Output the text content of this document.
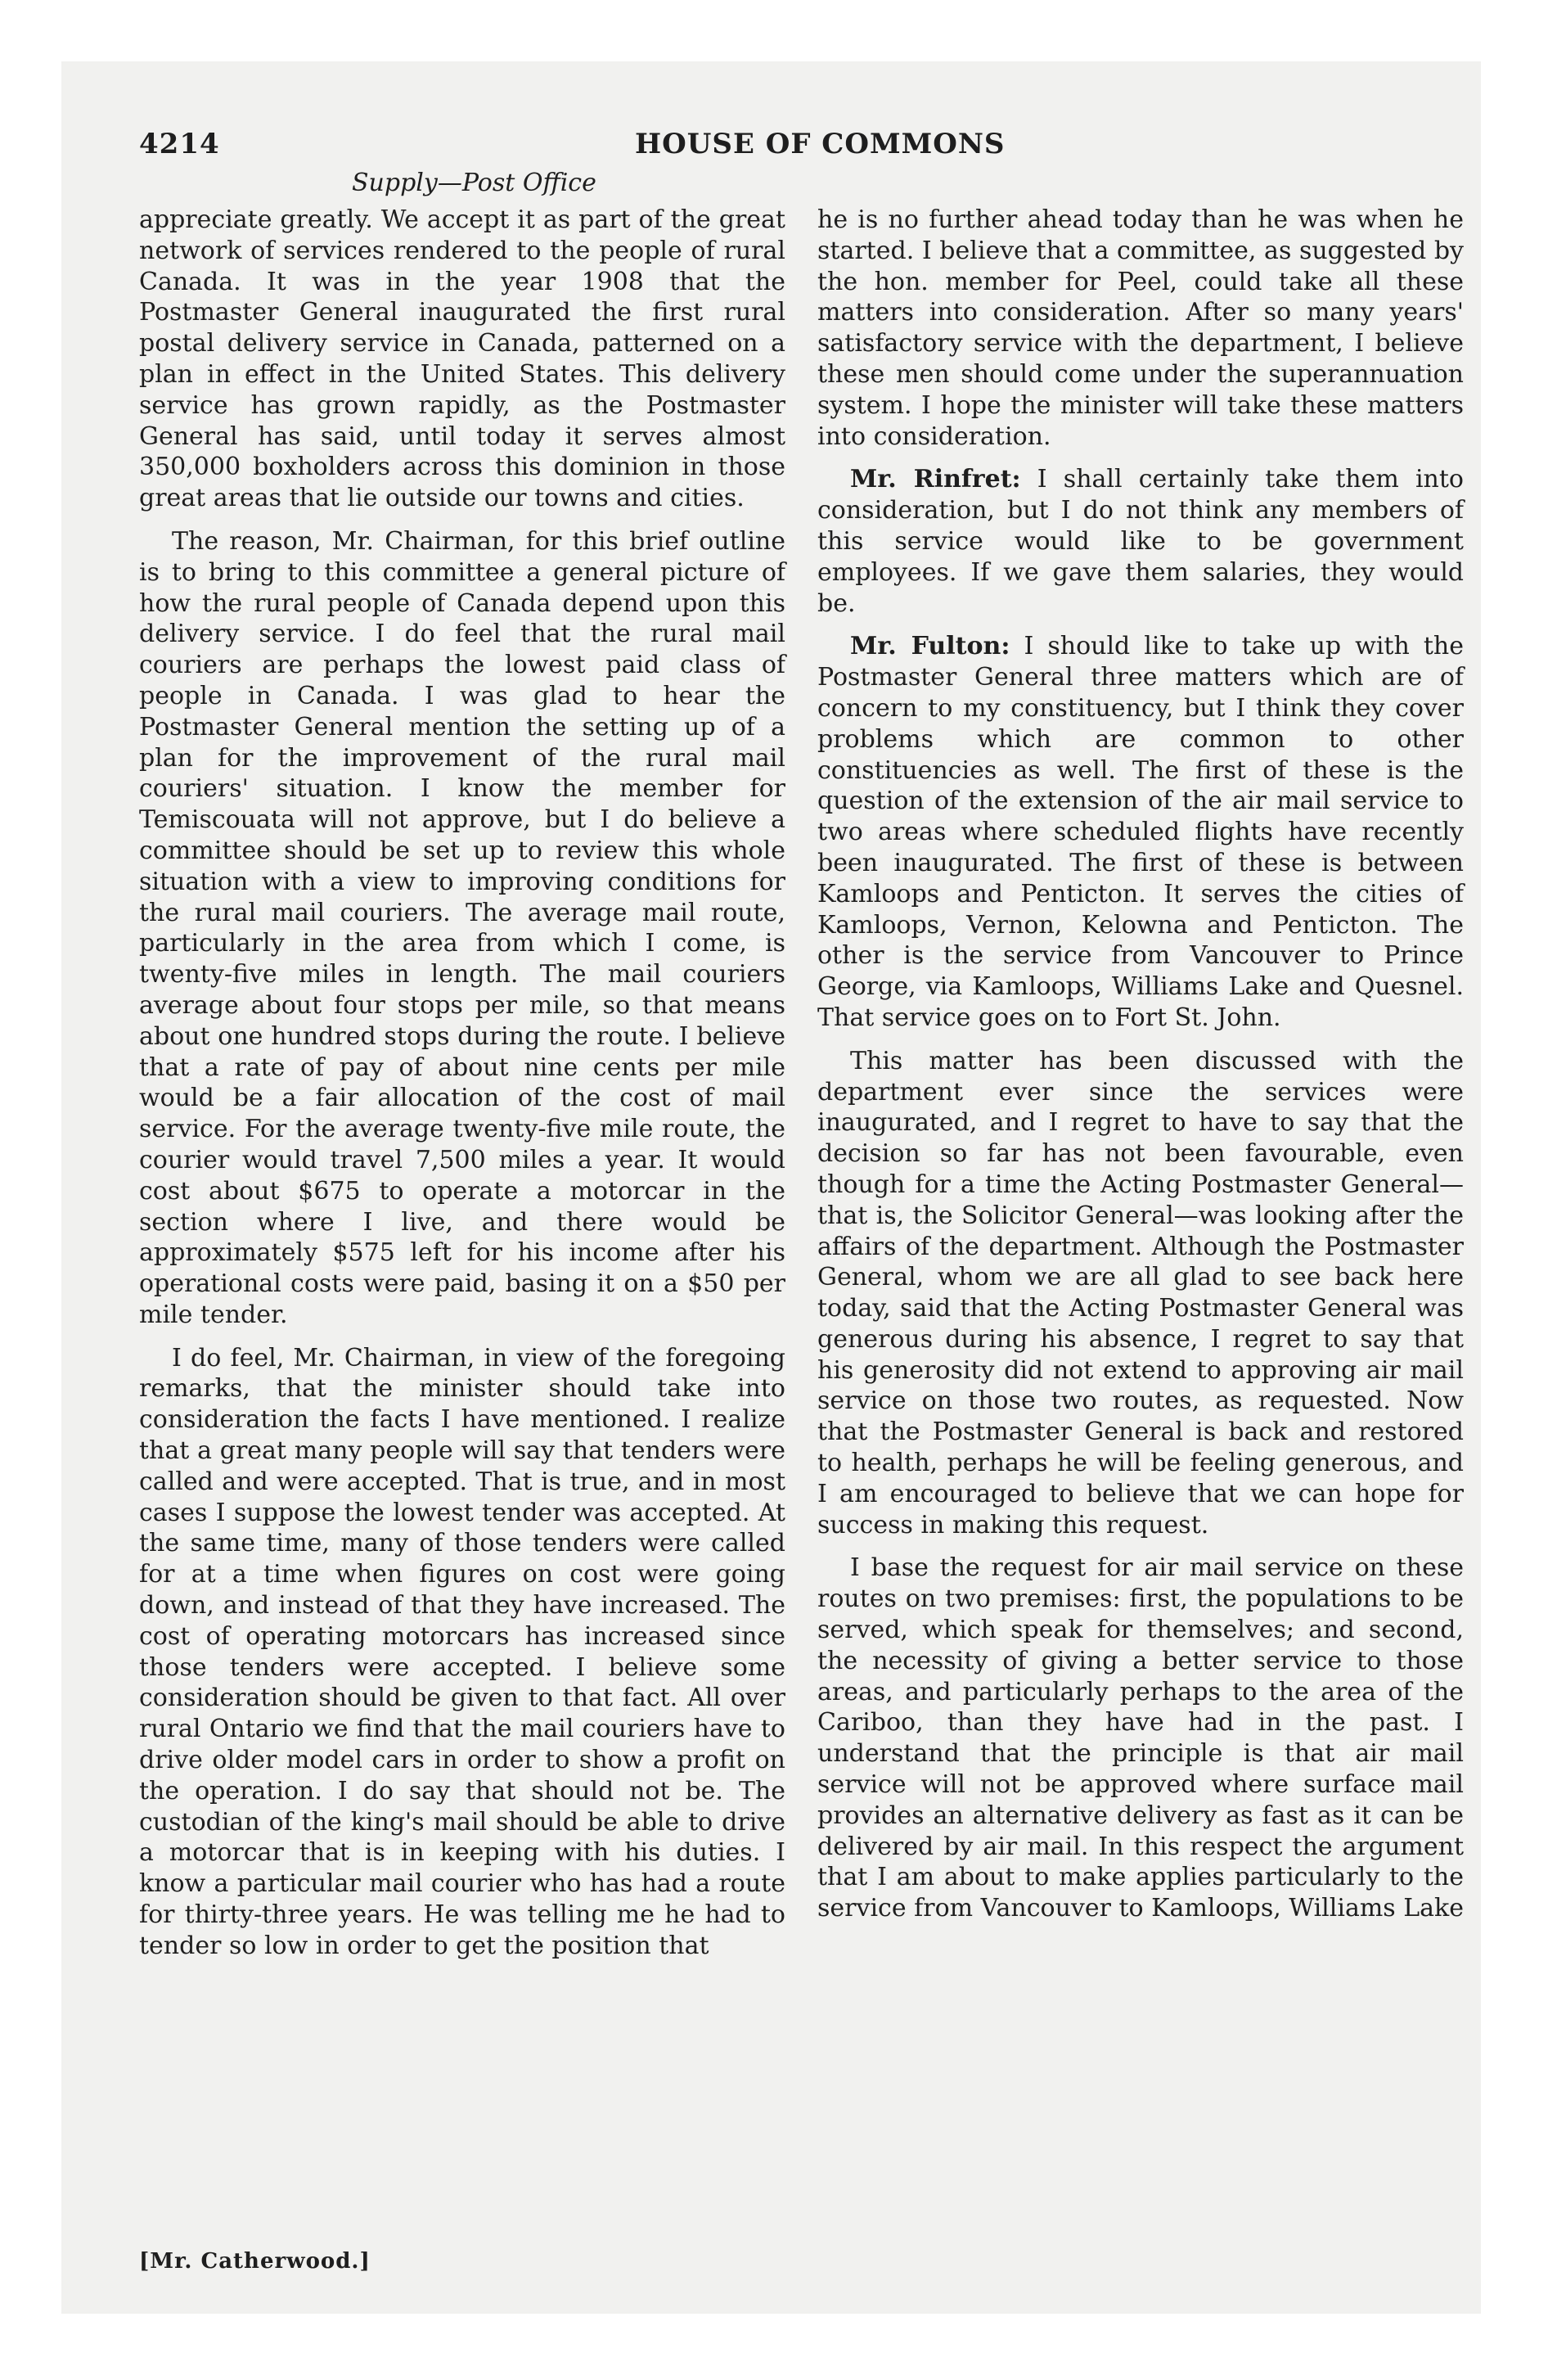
4214	HOUSE OF COMMONS
Supply—Post Office

appreciate greatly. We accept it as part of the great network of services rendered to the people of rural Canada. It was in the year 1908 that the Postmaster General inaugurated the first rural postal delivery service in Canada, patterned on a plan in effect in the United States. This delivery service has grown rapidly, as the Postmaster General has said, until today it serves almost 350,000 boxholders across this dominion in those great areas that lie outside our towns and cities.

The reason, Mr. Chairman, for this brief outline is to bring to this committee a general picture of how the rural people of Canada depend upon this delivery service. I do feel that the rural mail couriers are perhaps the lowest paid class of people in Canada. I was glad to hear the Postmaster General mention the setting up of a plan for the improvement of the rural mail couriers' situation. I know the member for Temiscouata will not approve, but I do believe a committee should be set up to review this whole situation with a view to improving conditions for the rural mail couriers. The average mail route, particularly in the area from which I come, is twenty-five miles in length. The mail couriers average about four stops per mile, so that means about one hundred stops during the route. I believe that a rate of pay of about nine cents per mile would be a fair allocation of the cost of mail service. For the average twenty-five mile route, the courier would travel 7,500 miles a year. It would cost about $675 to operate a motorcar in the section where I live, and there would be approximately $575 left for his income after his operational costs were paid, basing it on a $50 per mile tender.

I do feel, Mr. Chairman, in view of the foregoing remarks, that the minister should take into consideration the facts I have mentioned. I realize that a great many people will say that tenders were called and were accepted. That is true, and in most cases I suppose the lowest tender was accepted. At the same time, many of those tenders were called for at a time when figures on cost were going down, and instead of that they have increased. The cost of operating motorcars has increased since those tenders were accepted. I believe some consideration should be given to that fact. All over rural Ontario we find that the mail couriers have to drive older model cars in order to show a profit on the operation. I do say that should not be. The custodian of the king's mail should be able to drive a motorcar that is in keeping with his duties. I know a particular mail courier who has had a route for thirty-three years. He was telling me he had to tender so low in order to get the position that

he is no further ahead today than he was when he started. I believe that a committee, as suggested by the hon. member for Peel, could take all these matters into consideration. After so many years' satisfactory service with the department, I believe these men should come under the superannuation system. I hope the minister will take these matters into consideration.

Mr. Rinfret: I shall certainly take them into consideration, but I do not think any members of this service would like to be government employees. If we gave them salaries, they would be.

Mr. Fulton: I should like to take up with the Postmaster General three matters which are of concern to my constituency, but I think they cover problems which are common to other constituencies as well. The first of these is the question of the extension of the air mail service to two areas where scheduled flights have recently been inaugurated. The first of these is between Kamloops and Penticton. It serves the cities of Kamloops, Vernon, Kelowna and Penticton. The other is the service from Vancouver to Prince George, via Kamloops, Williams Lake and Quesnel. That service goes on to Fort St. John.

This matter has been discussed with the department ever since the services were inaugurated, and I regret to have to say that the decision so far has not been favourable, even though for a time the Acting Postmaster General—that is, the Solicitor General—was looking after the affairs of the department. Although the Postmaster General, whom we are all glad to see back here today, said that the Acting Postmaster General was generous during his absence, I regret to say that his generosity did not extend to approving air mail service on those two routes, as requested. Now that the Postmaster General is back and restored to health, perhaps he will be feeling generous, and I am encouraged to believe that we can hope for success in making this request.

I base the request for air mail service on these routes on two premises: first, the populations to be served, which speak for themselves; and second, the necessity of giving a better service to those areas, and particularly perhaps to the area of the Cariboo, than they have had in the past. I understand that the principle is that air mail service will not be approved where surface mail provides an alternative delivery as fast as it can be delivered by air mail. In this respect the argument that I am about to make applies particularly to the service from Vancouver to Kamloops, Williams Lake

[Mr. Catherwood.]
